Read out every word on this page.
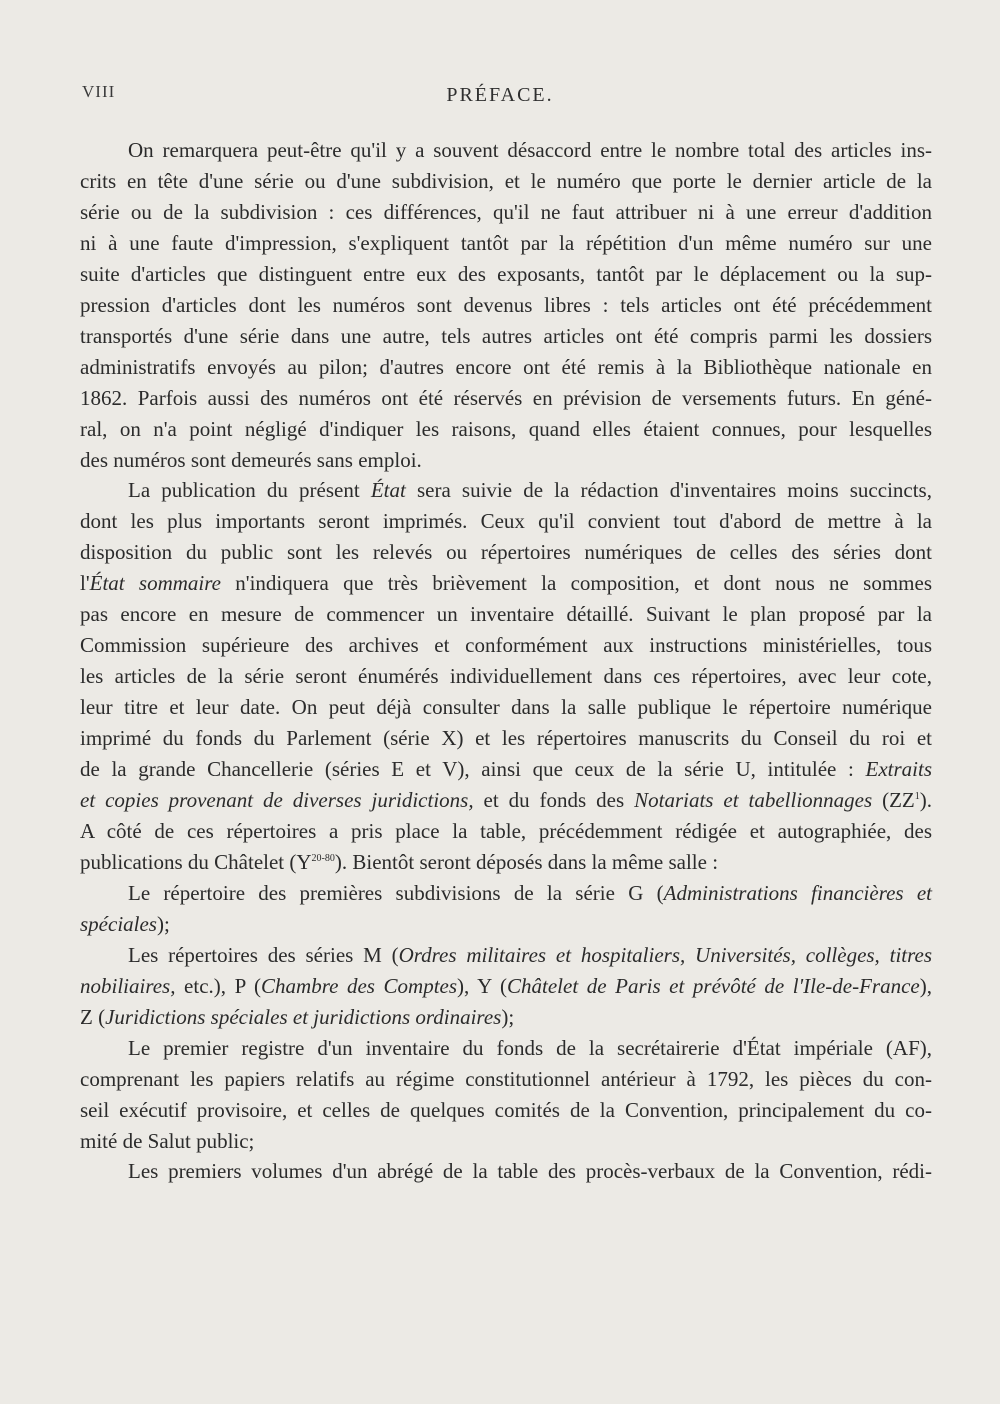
VIII	PRÉFACE.
On remarquera peut-être qu'il y a souvent désaccord entre le nombre total des articles ins-
crits en tête d'une série ou d'une subdivision, et le numéro que porte le dernier article de la
série ou de la subdivision : ces différences, qu'il ne faut attribuer ni à une erreur d'addition
ni à une faute d'impression, s'expliquent tantôt par la répétition d'un même numéro sur une
suite d'articles que distinguent entre eux des exposants, tantôt par le déplacement ou la sup-
pression d'articles dont les numéros sont devenus libres : tels articles ont été précédemment
transportés d'une série dans une autre, tels autres articles ont été compris parmi les dossiers
administratifs envoyés au pilon; d'autres encore ont été remis à la Bibliothèque nationale en
1862. Parfois aussi des numéros ont été réservés en prévision de versements futurs. En géné-
ral, on n'a point négligé d'indiquer les raisons, quand elles étaient connues, pour lesquelles
des numéros sont demeurés sans emploi.
La publication du présent État sera suivie de la rédaction d'inventaires moins succincts,
dont les plus importants seront imprimés. Ceux qu'il convient tout d'abord de mettre à la
disposition du public sont les relevés ou répertoires numériques de celles des séries dont
l'État sommaire n'indiquera que très brièvement la composition, et dont nous ne sommes
pas encore en mesure de commencer un inventaire détaillé. Suivant le plan proposé par la
Commission supérieure des archives et conformément aux instructions ministérielles, tous
les articles de la série seront énumérés individuellement dans ces répertoires, avec leur cote,
leur titre et leur date. On peut déjà consulter dans la salle publique le répertoire numérique
imprimé du fonds du Parlement (série X) et les répertoires manuscrits du Conseil du roi et
de la grande Chancellerie (séries E et V), ainsi que ceux de la série U, intitulée : Extraits
et copies provenant de diverses juridictions, et du fonds des Notariats et tabellionnages $(ZZ^1)$.
A côté de ces répertoires a pris place la table, précédemment rédigée et autographiée, des
publications du Châtelet $(Y^{20-80})$. Bientôt seront déposés dans la même salle :
Le répertoire des premières subdivisions de la série G (Administrations financières et
spéciales);
Les répertoires des séries M (Ordres militaires et hospitaliers, Universités, collèges, titres
nobiliaires, etc.), P (Chambre des Comptes), Y (Châtelet de Paris et prévôté de l'Ile-de-France),
Z (Juridictions spéciales et juridictions ordinaires);
Le premier registre d'un inventaire du fonds de la secrétairerie d'État impériale (AF),
comprenant les papiers relatifs au régime constitutionnel antérieur à 1792, les pièces du con-
seil exécutif provisoire, et celles de quelques comités de la Convention, principalement du co-
mité de Salut public;
Les premiers volumes d'un abrégé de la table des procès-verbaux de la Convention, rédi-
